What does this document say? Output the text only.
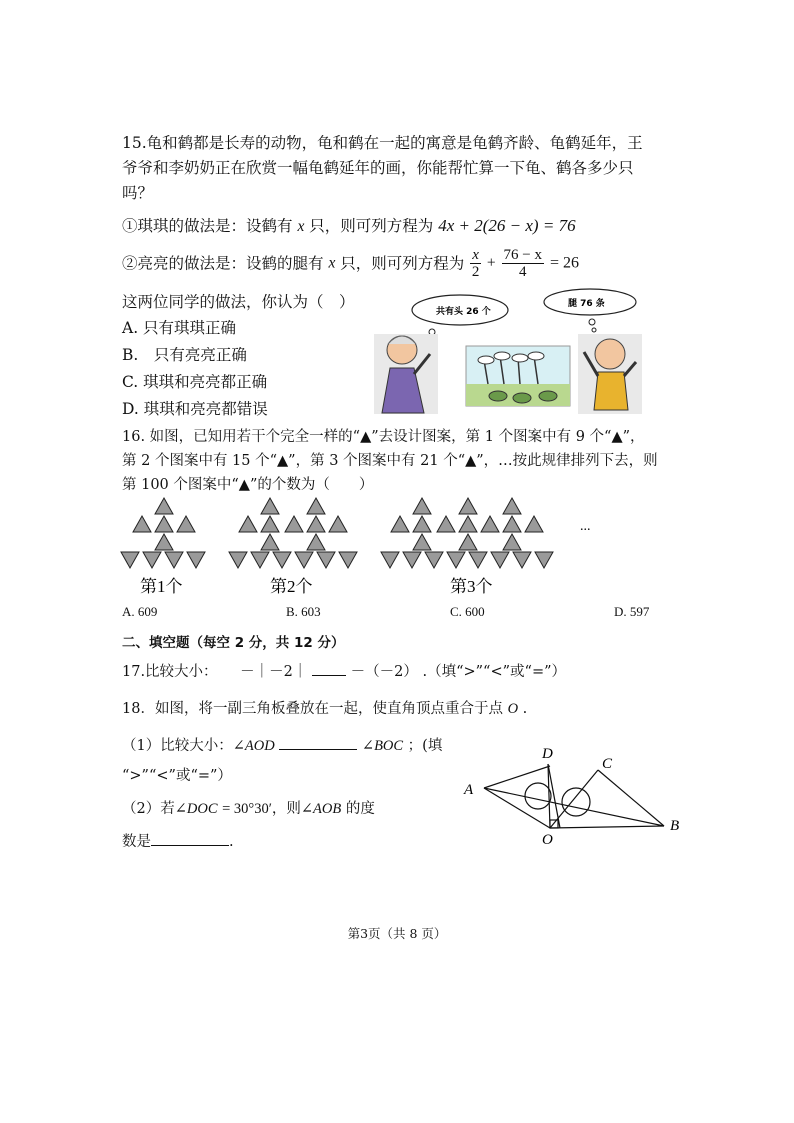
15.龟和鹤都是长寿的动物，龟和鹤在一起的寓意是龟鹤齐龄、龟鹤延年，王
爷爷和李奶奶正在欣赏一幅龟鹤延年的画，你能帮忙算一下龟、鹤各多少只
吗？
①琪琪的做法是：设鹤有 x 只，则可列方程为 4x + 2(26 − x) = 76
②亮亮的做法是：设鹤的腿有 x 只，则可列方程为 $\frac{x}{2} + \frac{76 - x}{4} = 26$
这两位同学的做法，你认为（　）
A. 只有琪琪正确
B.　只有亮亮正确
C. 琪琪和亮亮都正确
D. 琪琪和亮亮都错误
共有头 26 个
腿 76 条
16. 如图，已知用若干个完全一样的“▲”去设计图案，第 1 个图案中有 9 个“▲”，
第 2 个图案中有 15 个“▲”，第 3 个图案中有 21 个“▲”，…按此规律排列下去，则
第 100 个图案中“▲”的个数为（　　）
...
第1个	第2个	第3个
A. 609	B. 603	C. 600	D. 597
二、填空题（每空 2 分，共 12 分）
17.比较大小： －｜－2｜	－（－2） .（填“>”“<”或“=”）
18．如图，将一副三角板叠放在一起，使直角顶点重合于点 O .
（1）比较大小：∠AOD	∠BOC ；(填
“>”“<”或“=”）
（2）若∠DOC = 30°30′，则∠AOB 的度
数是	.
A
B
C
D
O
第3页（共 8 页）
